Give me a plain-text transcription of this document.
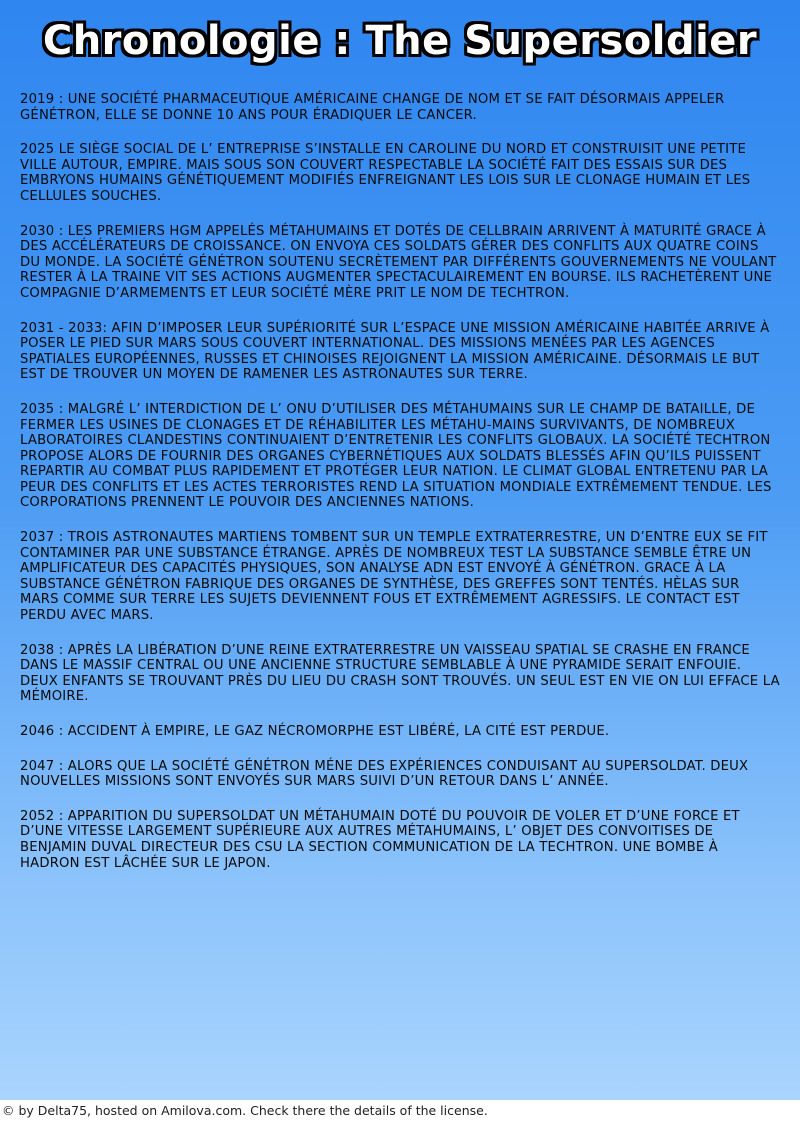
Chronologie : The Supersoldier

2019 : UNE SOCIÉTÉ PHARMACEUTIQUE AMÉRICAINE CHANGE DE NOM ET SE FAIT DÉSORMAIS APPELER GÉNÉTRON, ELLE SE DONNE 10 ANS POUR ÉRADIQUER LE CANCER.

2025 LE SIÈGE SOCIAL DE L’ ENTREPRISE S’INSTALLE EN CAROLINE DU NORD ET CONSTRUISIT UNE PETITE VILLE AUTOUR, EMPIRE. MAIS SOUS SON COUVERT RESPECTABLE LA SOCIÉTÉ FAIT DES ESSAIS SUR DES EMBRYONS HUMAINS GÉNÉTIQUEMENT MODIFIÉS ENFREIGNANT LES LOIS SUR LE CLONAGE HUMAIN ET LES CELLULES SOUCHES.

2030 : LES PREMIERS HGM APPELÉS MÉTAHUMAINS ET DOTÉS DE CELLBRAIN ARRIVENT À MATURITÉ GRACE À DES ACCÉLÉRATEURS DE CROISSANCE. ON ENVOYA CES SOLDATS GÉRER DES CONFLITS AUX QUATRE COINS DU MONDE. LA SOCIÉTÉ GÉNÉTRON SOUTENU SECRÈTEMENT PAR DIFFÉRENTS GOUVERNEMENTS NE VOULANT RESTER À LA TRAINE VIT SES ACTIONS AUGMENTER SPECTACULAIREMENT EN BOURSE. ILS RACHETÈRENT UNE COMPAGNIE D’ARMEMENTS ET LEUR SOCIÉTÉ MÈRE PRIT LE NOM DE TECHTRON.

2031 - 2033: AFIN D’IMPOSER LEUR SUPÉRIORITÉ SUR L’ESPACE UNE MISSION AMÉRICAINE HABITÉE ARRIVE À POSER LE PIED SUR MARS SOUS COUVERT INTERNATIONAL. DES MISSIONS MENÉES PAR LES AGENCES SPATIALES EUROPÉENNES, RUSSES ET CHINOISES REJOIGNENT LA MISSION AMÉRICAINE. DÉSORMAIS LE BUT EST DE TROUVER UN MOYEN DE RAMENER LES ASTRONAUTES SUR TERRE.

2035 : MALGRÉ L’ INTERDICTION DE L’ ONU D’UTILISER DES MÉTAHUMAINS SUR LE CHAMP DE BATAILLE, DE FERMER LES USINES DE CLONAGES ET DE RÉHABILITER LES MÉTAHU-MAINS SURVIVANTS, DE NOMBREUX LABORATOIRES CLANDESTINS CONTINUAIENT D’ENTRETENIR LES CONFLITS GLOBAUX. LA SOCIÉTÉ TECHTRON PROPOSE ALORS DE FOURNIR DES ORGANES CYBERNÉTIQUES AUX SOLDATS BLESSÉS AFIN QU’ILS PUISSENT REPARTIR AU COMBAT PLUS RAPIDEMENT ET PROTÉGER LEUR NATION. LE CLIMAT GLOBAL ENTRETENU PAR LA PEUR DES CONFLITS ET LES ACTES TERRORISTES REND LA SITUATION MONDIALE EXTRÊMEMENT TENDUE. LES CORPORATIONS PRENNENT LE POUVOIR DES ANCIENNES NATIONS.

2037 : TROIS ASTRONAUTES MARTIENS TOMBENT SUR UN TEMPLE EXTRATERRESTRE, UN D’ENTRE EUX SE FIT CONTAMINER PAR UNE SUBSTANCE ÉTRANGE. APRÈS DE NOMBREUX TEST LA SUBSTANCE SEMBLE ÊTRE UN AMPLIFICATEUR DES CAPACITÉS PHYSIQUES, SON ANALYSE ADN EST ENVOYÉ À GÉNÉTRON. GRACE À LA SUBSTANCE GÉNÉTRON FABRIQUE DES ORGANES DE SYNTHÈSE, DES GREFFES SONT TENTÉS. HÈLAS SUR MARS COMME SUR TERRE LES SUJETS DEVIENNENT FOUS ET EXTRÊMEMENT AGRESSIFS. LE CONTACT EST PERDU AVEC MARS.

2038 : APRÈS LA LIBÉRATION D’UNE REINE EXTRATERRESTRE UN VAISSEAU SPATIAL SE CRASHE EN FRANCE DANS LE MASSIF CENTRAL OU UNE ANCIENNE STRUCTURE SEMBLABLE À UNE PYRAMIDE SERAIT ENFOUIE. DEUX ENFANTS SE TROUVANT PRÈS DU LIEU DU CRASH SONT TROUVÉS. UN SEUL EST EN VIE ON LUI EFFACE LA MÉMOIRE.

2046 : ACCIDENT À EMPIRE, LE GAZ NÉCROMORPHE EST LIBÉRÉ, LA CITÉ EST PERDUE.

2047 : ALORS QUE LA SOCIÉTÉ GÉNÉTRON MÉNE DES EXPÉRIENCES CONDUISANT AU SUPERSOLDAT. DEUX NOUVELLES MISSIONS SONT ENVOYÉS SUR MARS SUIVI D’UN RETOUR DANS L’ ANNÉE.

2052 : APPARITION DU SUPERSOLDAT UN MÉTAHUMAIN DOTÉ DU POUVOIR DE VOLER ET D’UNE FORCE ET D’UNE VITESSE LARGEMENT SUPÉRIEURE AUX AUTRES MÉTAHUMAINS, L’ OBJET DES CONVOITISES DE BENJAMIN DUVAL DIRECTEUR DES CSU LA SECTION COMMUNICATION DE LA TECHTRON. UNE BOMBE À HADRON EST LÂCHÉE SUR LE JAPON.

© by Delta75, hosted on Amilova.com. Check there the details of the license.
